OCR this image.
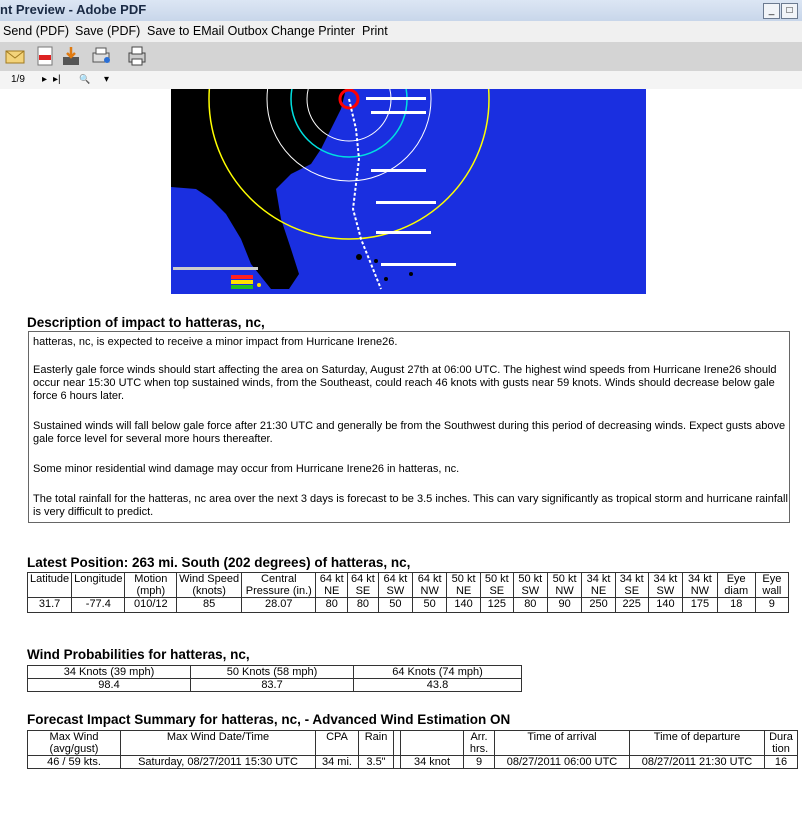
nt Preview - Adobe PDF	_	□
Send (PDF) Save (PDF) Save to EMail Outbox Change Printer Print
1/9 ▸ ▸| 🔍 ▾
Description of impact to hatteras, nc,

hatteras, nc, is expected to receive a minor impact from Hurricane Irene26.

Easterly gale force winds should start affecting the area on Saturday, August 27th at 06:00 UTC. The highest wind speeds from Hurricane Irene26 should occur near 15:30 UTC when top sustained winds, from the Southeast, could reach 46 knots with gusts near 59 knots. Winds should decrease below gale force 6 hours later.

Sustained winds will fall below gale force after 21:30 UTC and generally be from the Southwest during this period of decreasing winds. Expect gusts above gale force level for several more hours thereafter.

Some minor residential wind damage may occur from Hurricane Irene26 in hatteras, nc.

The total rainfall for the hatteras, nc area over the next 3 days is forecast to be 3.5 inches. This can vary significantly as tropical storm and hurricane rainfall is very difficult to predict.

Latest Position: 263 mi. South (202 degrees) of hatteras, nc,
Latitude	Longitude	Motion (mph)	Wind Speed (knots)	Central Pressure (in.)	64 kt NE	64 kt SE	64 kt SW	64 kt NW	50 kt NE	50 kt SE	50 kt SW	50 kt NW	34 kt NE	34 kt SE	34 kt SW	34 kt NW	Eye diam	Eye wall
31.7	-77.4	010/12	85	28.07	80	80	50	50	140	125	80	90	250	225	140	175	18	9
Wind Probabilities for hatteras, nc,
34 Knots (39 mph)	50 Knots (58 mph)	64 Knots (74 mph)
98.4	83.7	43.8
Forecast Impact Summary for hatteras, nc, - Advanced Wind Estimation ON
Max Wind (avg/gust)	Max Wind Date/Time	CPA	Rain			Arr. hrs.	Time of arrival	Time of departure	Dura tion
46 / 59 kts.	Saturday, 08/27/2011 15:30 UTC	34 mi.	3.5"		34 knot	9	08/27/2011 06:00 UTC	08/27/2011 21:30 UTC	16
